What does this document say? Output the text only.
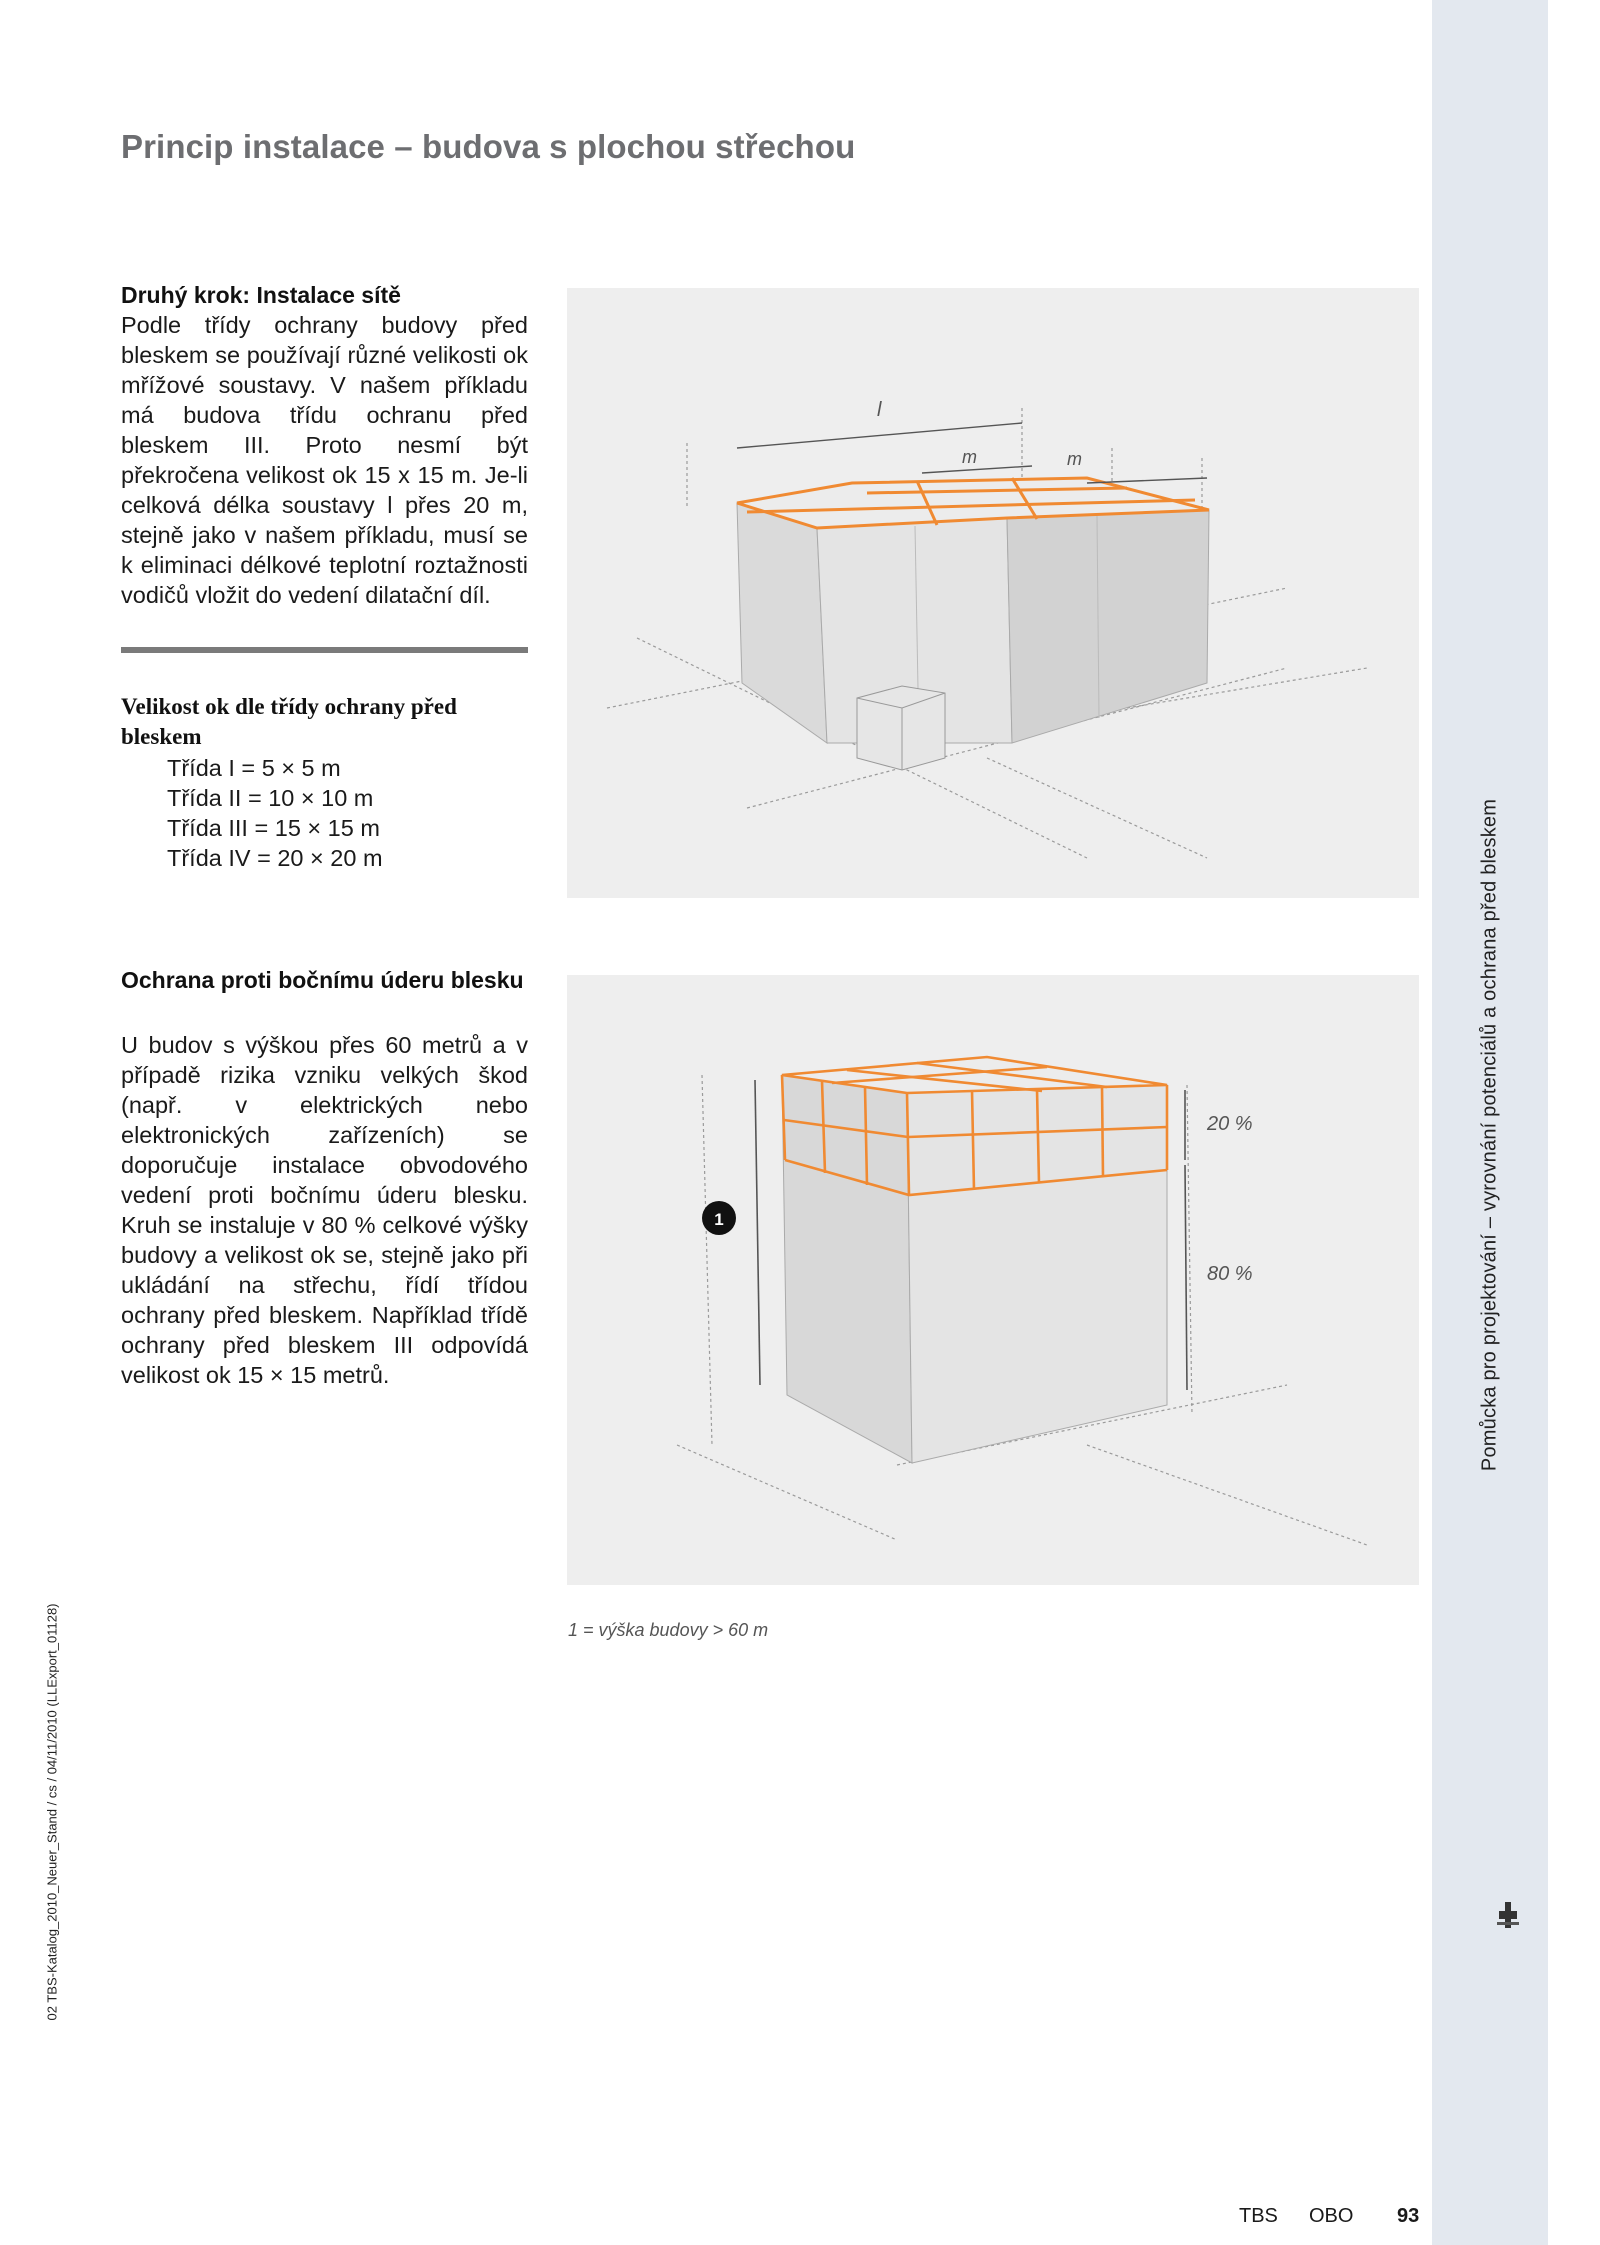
Pomůcka pro projektování – vyrovnání potenciálů a ochrana před bleskem
02 TBS-Katalog_2010_Neuer_Stand / cs / 04/11/2010 (LLExport_01128)
Princip instalace – budova s plochou střechou
Druhý krok: Instalace sítě

Podle třídy ochrany budovy před bleskem se používají různé velikosti ok mřížové soustavy. V našem příkladu má budova třídu ochranu před bleskem III. Proto nesmí být překročena velikost ok 15 x 15 m. Je-li celková délka soustavy l přes 20 m, stejně jako v našem příkladu, musí se k eliminaci délkové teplotní roztažnosti vodičů vložit do vedení dilatační díl.

Velikost ok dle třídy ochrany před bleskem
Třída I = 5 × 5 m
Třída II = 10 × 10 m
Třída III = 15 × 15 m
Třída IV = 20 × 20 m
Ochrana proti bočnímu úderu blesku

U budov s výškou přes 60 metrů a v případě rizika vzniku velkých škod (např. v elektrických nebo elektronických zařízeních) se doporučuje instalace obvodového vedení proti bočnímu úderu blesku. Kruh se instaluje v 80 % celkové výšky budovy a velikost ok se, stejně jako při ukládání na střechu, řídí třídou ochrany před bleskem. Například třídě ochrany před bleskem III odpovídá velikost ok 15 × 15 metrů.

l
m	m
1
20 %
80 %

1 = výška budovy > 60 m

TBS OBO 93
